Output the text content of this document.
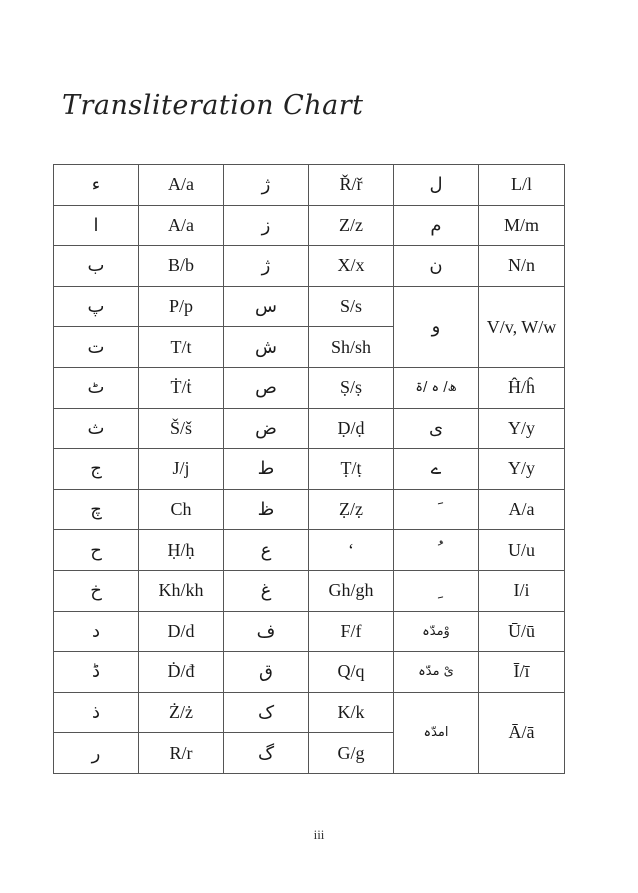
Transliteration Chart
ء	A/a	ژ	Ř/ř	ل	L/l
ا	A/a	ز	Z/z	م	M/m
ب	B/b	ژ	X/x	ن	N/n
پ	P/p	س	S/s	و	V/v, W/w
ت	T/t	ش	Sh/sh		
ٹ	Ṫ/ṫ	ص	Ṣ/ṣ	ھ/ ہ /ۃ	Ĥ/ĥ
ث	Š/š	ض	Ḍ/ḍ	ی	Y/y
ج	J/j	ط	Ṭ/ṭ	ے	Y/y
چ	Ch	ظ	Ẓ/ẓ		A/a
ح	Ḥ/ḥ	ع	‘		U/u
خ	Kh/kh	غ	Gh/gh		I/i
د	D/d	ف	F/f	وْمدّہ	Ū/ū
ڈ	Ḋ/đ	ق	Q/q	یْ مدّہ	Ī/ī
ذ	Ż/ż	ک	K/k	امدّہ	Ā/ā
ر	R/r	گ	G/g		
iii
